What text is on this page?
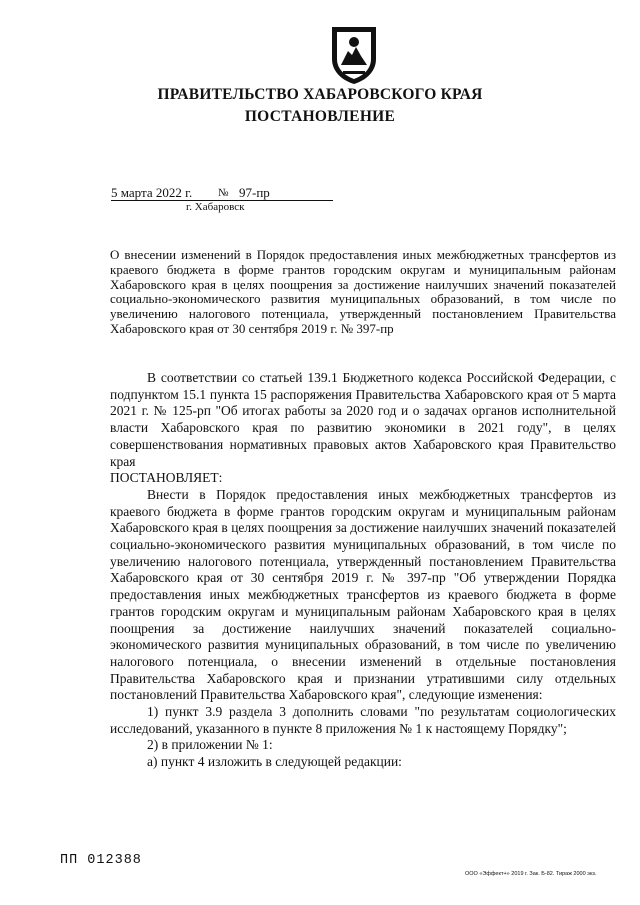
ПРАВИТЕЛЬСТВО ХАБАРОВСКОГО КРАЯ
ПОСТАНОВЛЕНИЕ
5 марта 2022 г. № 97-пр
г. Хабаровск
О внесении изменений в Порядок предоставления иных межбюджетных трансфертов из краевого бюджета в форме грантов городским округам и муниципальным районам Хабаровского края в целях поощрения за достижение наилучших значений показателей социально-экономического развития муниципальных образований, в том числе по увеличению налогового потенциала, утвержденный постановлением Правительства Хабаровского края от 30 сентября 2019 г. № 397-пр

В соответствии со статьей 139.1 Бюджетного кодекса Российской Федерации, с подпунктом 15.1 пункта 15 распоряжения Правительства Хабаровского края от 5 марта 2021 г. № 125-рп "Об итогах работы за 2020 год и о задачах органов исполнительной власти Хабаровского края по развитию экономики в 2021 году", в целях совершенствования нормативных правовых актов Хабаровского края Правительство края

ПОСТАНОВЛЯЕТ:

Внести в Порядок предоставления иных межбюджетных трансфертов из краевого бюджета в форме грантов городским округам и муниципальным районам Хабаровского края в целях поощрения за достижение наилучших значений показателей социально-экономического развития муниципальных образований, в том числе по увеличению налогового потенциала, утвержденный постановлением Правительства Хабаровского края от 30 сентября 2019 г. № 397-пр "Об утверждении Порядка предоставления иных межбюджетных трансфертов из краевого бюджета в форме грантов городским округам и муниципальным районам Хабаровского края в целях поощрения за достижение наилучших значений показателей социально-экономического развития муниципальных образований, в том числе по увеличению налогового потенциала, о внесении изменений в отдельные постановления Правительства Хабаровского края и признании утратившими силу отдельных постановлений Правительства Хабаровского края", следующие изменения:

1) пункт 3.9 раздела 3 дополнить словами "по результатам социологических исследований, указанного в пункте 8 приложения № 1 к настоящему Порядку";

2) в приложении № 1:

а) пункт 4 изложить в следующей редакции:

ПП 012388
ООО «Эффект+» 2019 г. Зак. Б-82. Тираж 2000 экз.
